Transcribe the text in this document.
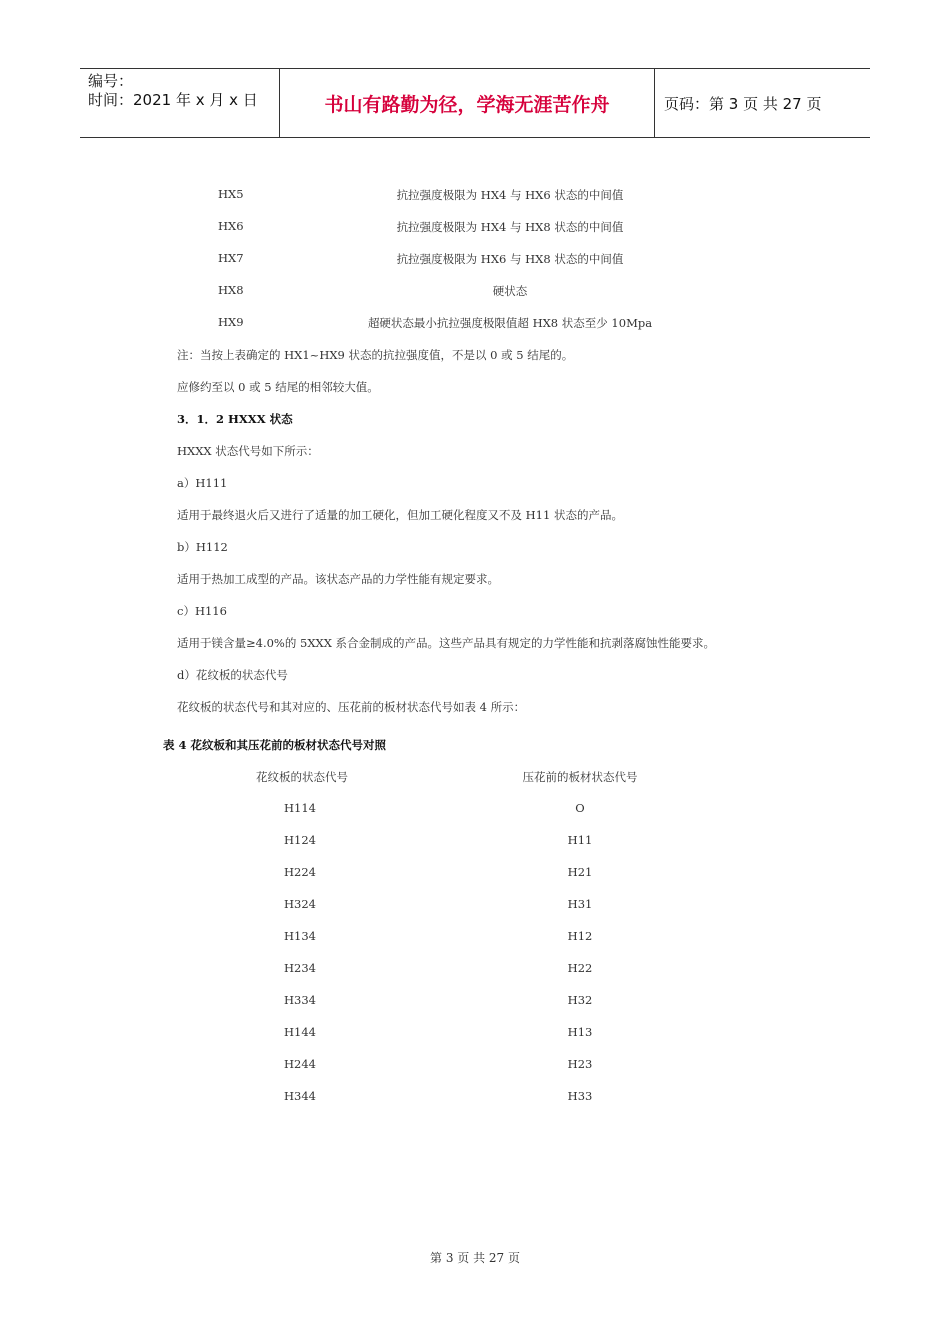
编号：
时间：2021 年 x 月 x 日	书山有路勤为径，学海无涯苦作舟	页码：第 3 页 共 27 页
HX5	抗拉强度极限为 HX4 与 HX6 状态的中间值
HX6	抗拉强度极限为 HX4 与 HX8 状态的中间值
HX7	抗拉强度极限为 HX6 与 HX8 状态的中间值
HX8	硬状态
HX9	超硬状态最小抗拉强度极限值超 HX8 状态至少 10Mpa
注：当按上表确定的 HX1~HX9 状态的抗拉强度值，不是以 0 或 5 结尾的。
应修约至以 0 或 5 结尾的相邻较大值。
3．1．2 HXXX 状态
HXXX 状态代号如下所示：
a）H111
适用于最终退火后又进行了适量的加工硬化，但加工硬化程度又不及 H11 状态的产品。
b）H112
适用于热加工成型的产品。该状态产品的力学性能有规定要求。
c）H116
适用于镁含量≥4.0%的 5XXX 系合金制成的产品。这些产品具有规定的力学性能和抗剥落腐蚀性能要求。
d）花纹板的状态代号
花纹板的状态代号和其对应的、压花前的板材状态代号如表 4 所示：
表 4 花纹板和其压花前的板材状态代号对照
花纹板的状态代号	压花前的板材状态代号
H114	O
H124	H11
H224	H21
H324	H31
H134	H12
H234	H22
H334	H32
H144	H13
H244	H23
H344	H33
第 3 页 共 27 页
